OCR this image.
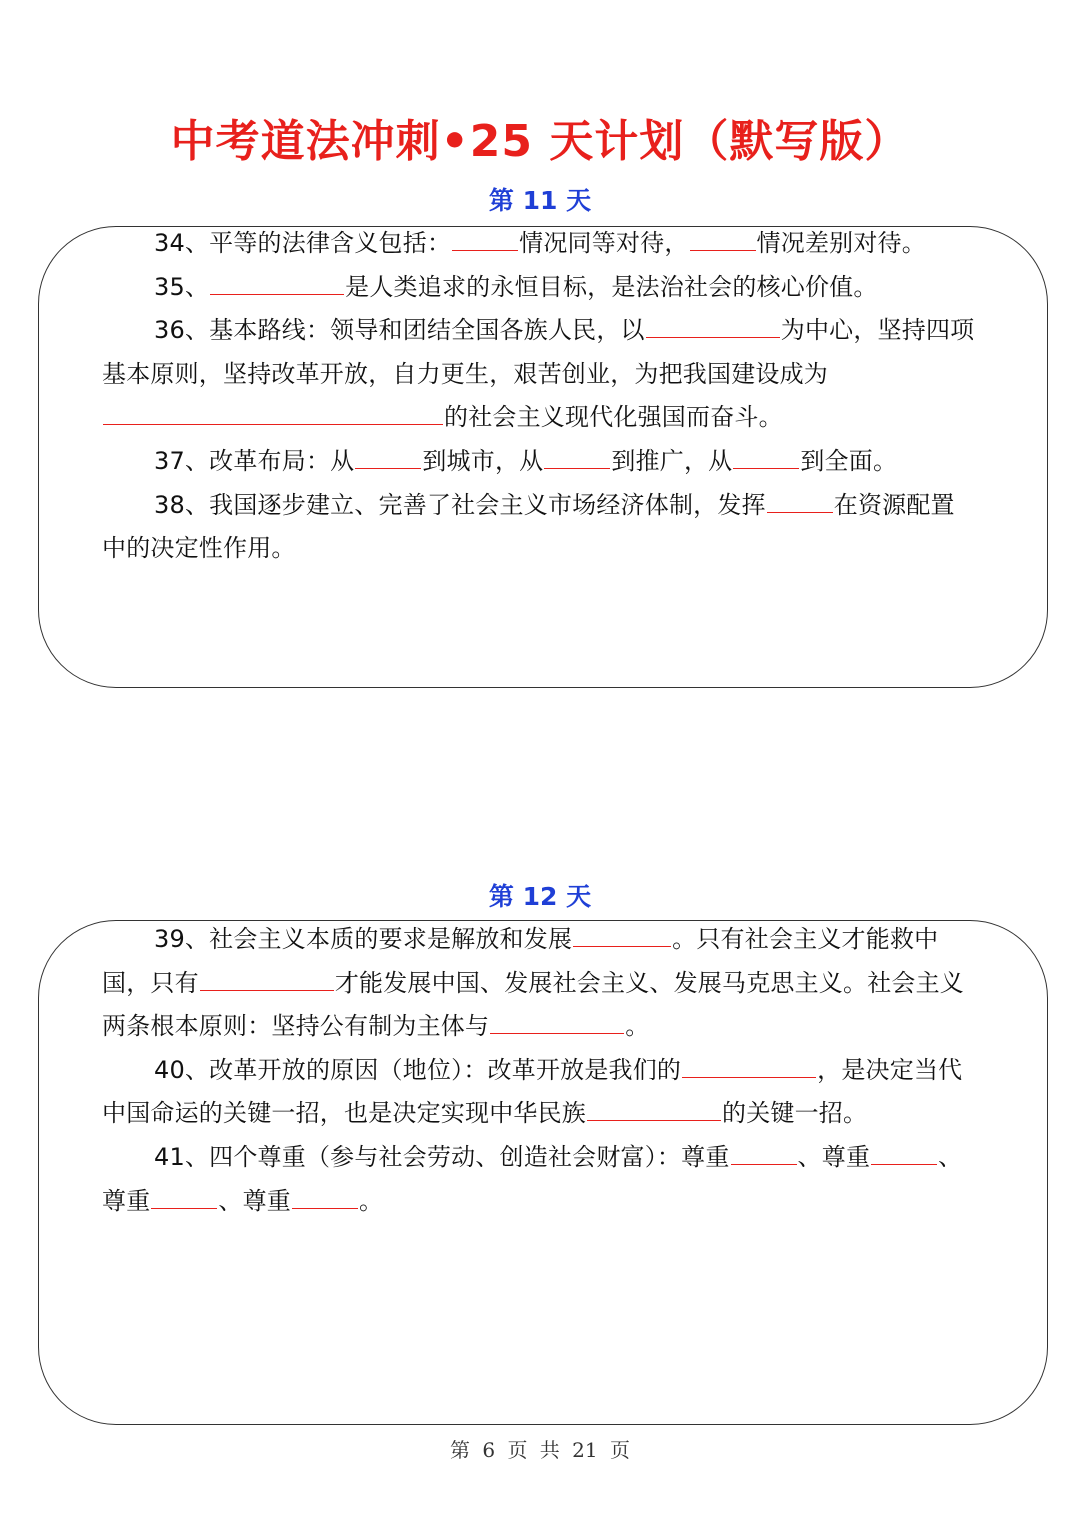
中考道法冲刺•25 天计划（默写版）
第 11 天

34、平等的法律含义包括：	情况同等对待，	情况差别对待。

35、	是人类追求的永恒目标，是法治社会的核心价值。

36、基本路线：领导和团结全国各族人民，以	为中心，坚持四项基本原则，坚持改革开放，自力更生，艰苦创业，为把我国建设成为的社会主义现代化强国而奋斗。

37、改革布局：从	到城市，从	到推广，从	到全面。

38、我国逐步建立、完善了社会主义市场经济体制，发挥	在资源配置中的决定性作用。

第 12 天

39、社会主义本质的要求是解放和发展	。只有社会主义才能救中国，只有	才能发展中国、发展社会主义、发展马克思主义。社会主义两条根本原则：坚持公有制为主体与	。

40、改革开放的原因（地位）：改革开放是我们的	，是决定当代中国命运的关键一招，也是决定实现中华民族	的关键一招。

41、四个尊重（参与社会劳动、创造社会财富）：尊重	、尊重	、尊重	、尊重	。

第 6 页 共 21 页
